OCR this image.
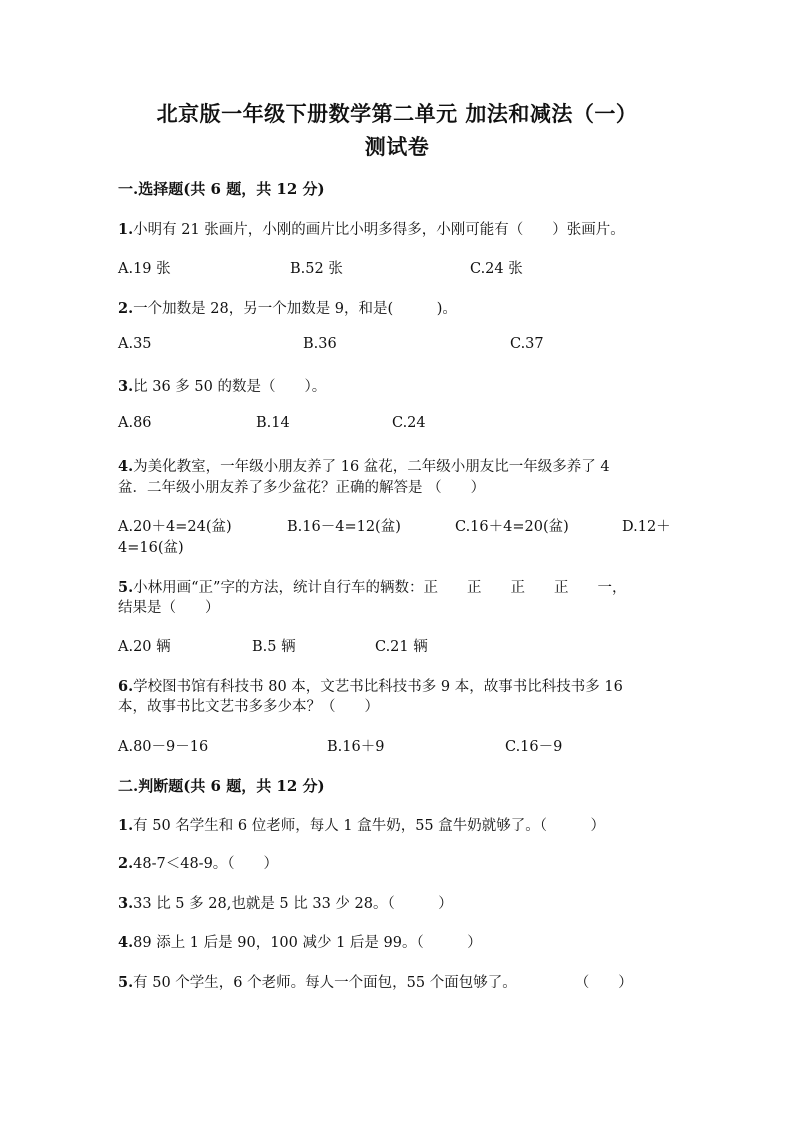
北京版一年级下册数学第二单元 加法和减法（一）
测试卷
一.选择题(共 6 题，共 12 分)
1.小明有 21 张画片，小刚的画片比小明多得多，小刚可能有（　　）张画片。
A.19 张	B.52 张	C.24 张
2.一个加数是 28，另一个加数是 9，和是(　　　)。
A.35	B.36	C.37
3.比 36 多 50 的数是（　　）。
A.86	B.14	C.24
4.为美化教室，一年级小朋友养了 16 盆花，二年级小朋友比一年级多养了 4
盆．二年级小朋友养了多少盆花？正确的解答是 （　　）
A.20＋4=24(盆)	B.16－4=12(盆)	C.16＋4=20(盆)	D.12＋
4=16(盆)
5.小林用画“正”字的方法，统计自行车的辆数：正　　正　　正　　正　　一，
结果是（　　）
A.20 辆	B.5 辆	C.21 辆
6.学校图书馆有科技书 80 本，文艺书比科技书多 9 本，故事书比科技书多 16
本，故事书比文艺书多多少本？（　　）
A.80－9－16	B.16＋9	C.16－9
二.判断题(共 6 题，共 12 分)
1.有 50 名学生和 6 位老师，每人 1 盒牛奶，55 盒牛奶就够了。（　　　）
2.48-7＜48-9。（　　）
3.33 比 5 多 28,也就是 5 比 33 少 28。（　　　）
4.89 添上 1 后是 90，100 减少 1 后是 99。（　　　）
5.有 50 个学生，6 个老师。每人一个面包，55 个面包够了。　　　　　（　　）
